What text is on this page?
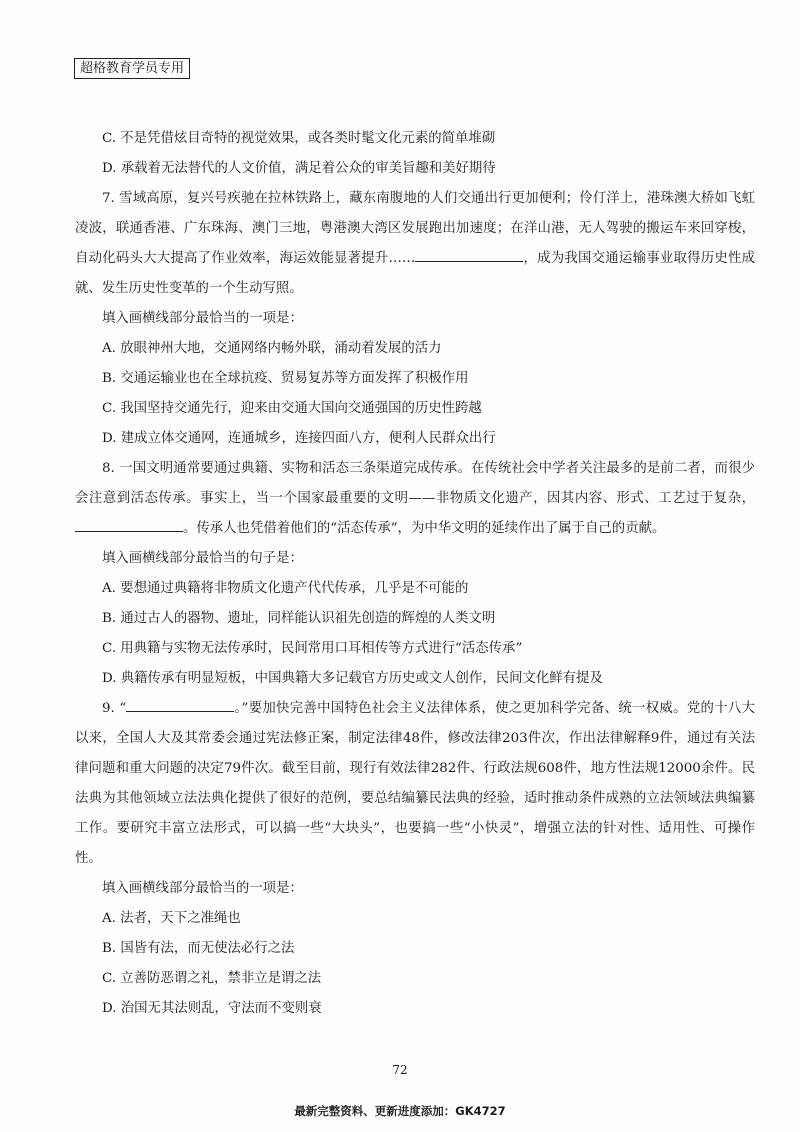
超格教育学员专用

C. 不是凭借炫目奇特的视觉效果，或各类时髦文化元素的简单堆砌

D. 承载着无法替代的人文价值，满足着公众的审美旨趣和美好期待

7. 雪域高原，复兴号疾驰在拉林铁路上，藏东南腹地的人们交通出行更加便利；伶仃洋上，港珠澳大桥如飞虹凌波，联通香港、广东珠海、澳门三地，粤港澳大湾区发展跑出加速度；在洋山港，无人驾驶的搬运车来回穿梭，自动化码头大大提高了作业效率，海运效能显著提升……	，成为我国交通运输事业取得历史性成就、发生历史性变革的一个生动写照。

填入画横线部分最恰当的一项是：

A. 放眼神州大地，交通网络内畅外联，涌动着发展的活力

B. 交通运输业也在全球抗疫、贸易复苏等方面发挥了积极作用

C. 我国坚持交通先行，迎来由交通大国向交通强国的历史性跨越

D. 建成立体交通网，连通城乡，连接四面八方，便利人民群众出行

8. 一国文明通常要通过典籍、实物和活态三条渠道完成传承。在传统社会中学者关注最多的是前二者，而很少会注意到活态传承。事实上，当一个国家最重要的文明——非物质文化遗产，因其内容、形式、工艺过于复杂，。传承人也凭借着他们的“活态传承”，为中华文明的延续作出了属于自己的贡献。

填入画横线部分最恰当的句子是：

A. 要想通过典籍将非物质文化遗产代代传承，几乎是不可能的

B. 通过古人的器物、遗址，同样能认识祖先创造的辉煌的人类文明

C. 用典籍与实物无法传承时，民间常用口耳相传等方式进行“活态传承”

D. 典籍传承有明显短板，中国典籍大多记载官方历史或文人创作，民间文化鲜有提及

9. “	。”要加快完善中国特色社会主义法律体系，使之更加科学完备、统一权威。党的十八大以来，全国人大及其常委会通过宪法修正案，制定法律48件，修改法律203件次，作出法律解释9件，通过有关法律问题和重大问题的决定79件次。截至目前，现行有效法律282件、行政法规608件，地方性法规12000余件。民法典为其他领域立法法典化提供了很好的范例，要总结编纂民法典的经验，适时推动条件成熟的立法领域法典编纂工作。要研究丰富立法形式，可以搞一些“大块头”，也要搞一些“小快灵”，增强立法的针对性、适用性、可操作性。

填入画横线部分最恰当的一项是：

A. 法者，天下之准绳也

B. 国皆有法，而无使法必行之法

C. 立善防恶谓之礼，禁非立是谓之法

D. 治国无其法则乱，守法而不变则衰

72
最新完整资料、更新进度添加：GK4727
